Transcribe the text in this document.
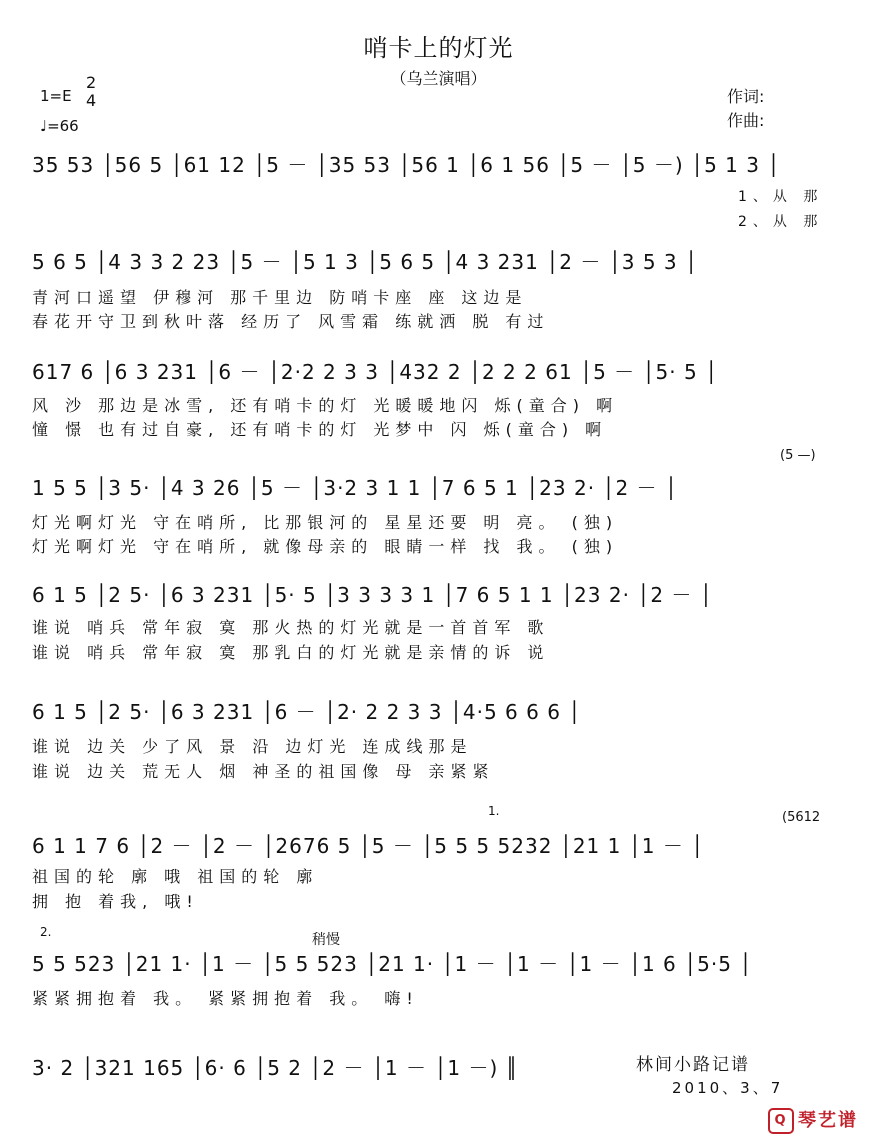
哨卡上的灯光
（乌兰演唱）
1=E
2
4
♩=66
作词:
作曲:
35 53 │56 5 │61 12 │5 － │35 53 │56 1 │6 1 56 │5 － │5 －) │5 1 3 │
1、从 那
2、从 那
5 6 5 │4 3 3 2 23 │5 － │5 1 3 │5 6 5 │4 3 231 │2 － │3 5 3 │
青河口遥望 伊穆河 那千里边 防哨卡座 座 这边是
春花开守卫到秋叶落 经历了 风雪霜 练就洒 脱 有过
617 6 │6 3 231 │6 － │2·2 2 3 3 │432 2 │2 2 2 61 │5 － │5· 5 │
风 沙 那边是冰雪, 还有哨卡的灯 光暖暖地闪 烁(童合) 啊
憧 憬 也有过自豪, 还有哨卡的灯 光梦中 闪 烁(童合) 啊
(5 —)
1 5 5 │3 5· │4 3 26 │5 － │3·2 3 1 1 │7 6 5 1 │23 2· │2 － │
灯光啊灯光 守在哨所, 比那银河的 星星还要 明 亮。 (独)
灯光啊灯光 守在哨所, 就像母亲的 眼睛一样 找 我。 (独)
6 1 5 │2 5· │6 3 231 │5· 5 │3 3 3 3 1 │7 6 5 1 1 │23 2· │2 － │
谁说 哨兵 常年寂 寞 那火热的灯光就是一首首军 歌
谁说 哨兵 常年寂 寞 那乳白的灯光就是亲情的诉 说
6 1 5 │2 5· │6 3 231 │6 － │2· 2 2 3 3 │4·5 6 6 6 │
谁说 边关 少了风 景 沿 边灯光 连成线那是
谁说 边关 荒无人 烟 神圣的祖国像 母 亲紧紧
1.	(5612
6 1 1 7 6 │2 － │2 － │2676 5 │5 － │5 5 5 5232 │21 1 │1 － │
祖国的轮 廓 哦 祖国的轮 廓
拥 抱 着我, 哦!
2.	稍慢
5 5 523 │21 1· │1 － │5 5 523 │21 1· │1 － │1 － │1 － │1 6 │5·5 │
紧紧拥抱着 我。 紧紧拥抱着 我。 嗨!
3· 2 │321 165 │6· 6 │5 2 │2 － │1 － │1 －) ║	林间小路记谱
2010、3、7
Q 琴艺谱
